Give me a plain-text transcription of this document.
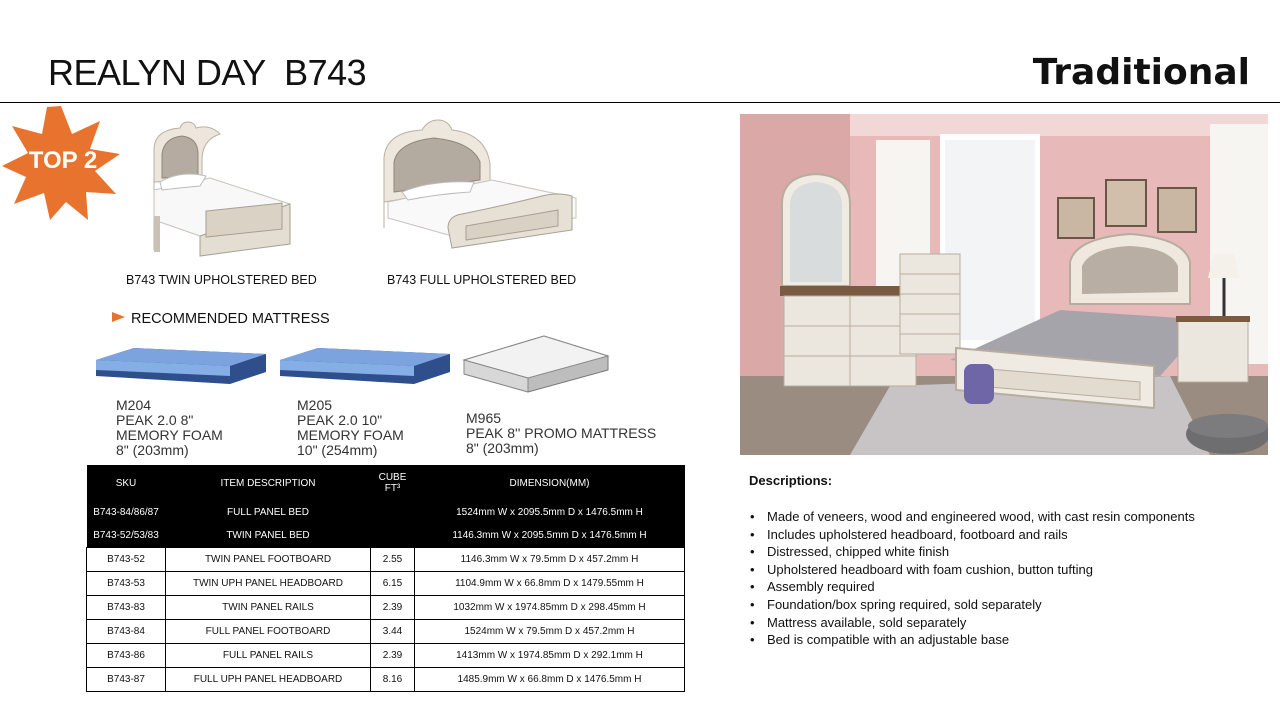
REALYN DAY  B743	Traditional
TOP 2
B743 TWIN UPHOLSTERED BED	B743 FULL UPHOLSTERED BED
RECOMMENDED MATTRESS
M204
PEAK 2.0 8"
MEMORY FOAM
8" (203mm)
M205
PEAK 2.0 10"
MEMORY FOAM
10" (254mm)
M965
PEAK 8'' PROMO MATTRESS
8" (203mm)
SKU	ITEM DESCRIPTION	CUBE FT³	DIMENSION(MM)
B743-84/86/87	FULL PANEL BED		1524mm W x 2095.5mm D x 1476.5mm H
B743-52/53/83	TWIN PANEL BED		1146.3mm W x 2095.5mm D x 1476.5mm H
B743-52	TWIN PANEL FOOTBOARD	2.55	1146.3mm W x 79.5mm D x 457.2mm H
B743-53	TWIN UPH PANEL HEADBOARD	6.15	1104.9mm W x 66.8mm D x 1479.55mm H
B743-83	TWIN PANEL RAILS	2.39	1032mm W x 1974.85mm D x 298.45mm H
B743-84	FULL PANEL FOOTBOARD	3.44	1524mm W x 79.5mm D x 457.2mm H
B743-86	FULL PANEL RAILS	2.39	1413mm W x 1974.85mm D x 292.1mm H
B743-87	FULL UPH PANEL HEADBOARD	8.16	1485.9mm W x 66.8mm D x 1476.5mm H
Descriptions:
• Made of veneers, wood and engineered wood, with cast resin components
• Includes upholstered headboard, footboard and rails
• Distressed, chipped white finish
• Upholstered headboard with foam cushion, button tufting
• Assembly required
• Foundation/box spring required, sold separately
• Mattress available, sold separately
• Bed is compatible with an adjustable base
